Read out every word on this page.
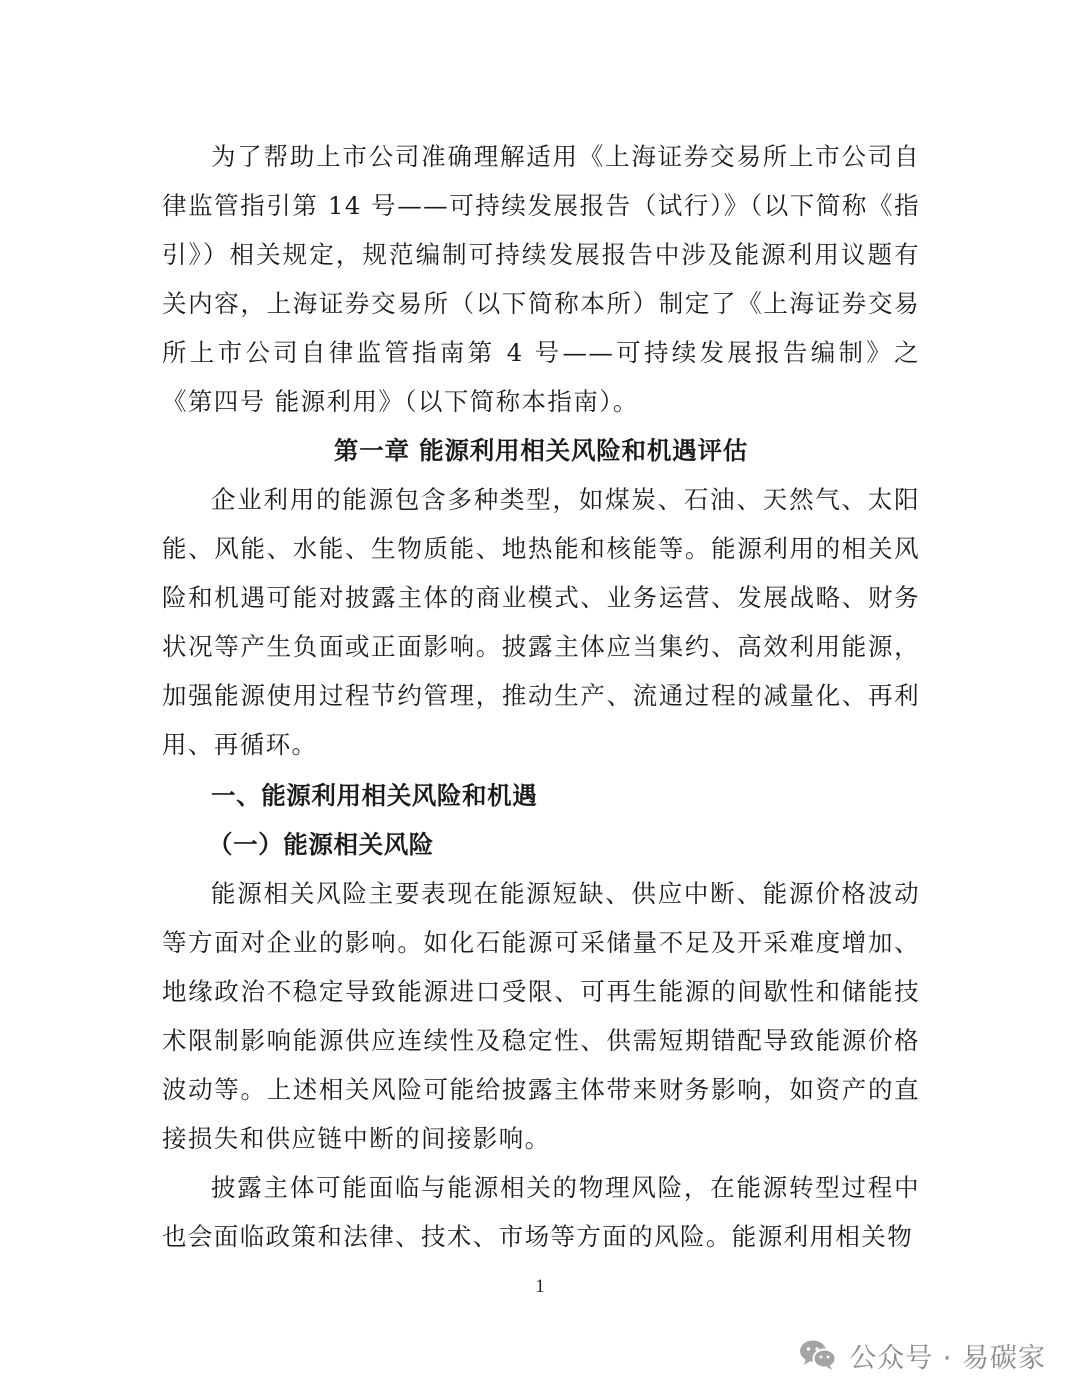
为了帮助上市公司准确理解适用《上海证券交易所上市公司自律监管指引第 14 号——可持续发展报告（试行）》（以下简称《指引》）相关规定，规范编制可持续发展报告中涉及能源利用议题有关内容，上海证券交易所（以下简称本所）制定了《上海证券交易所上市公司自律监管指南第 4 号——可持续发展报告编制》之《第四号 能源利用》（以下简称本指南）。

第一章 能源利用相关风险和机遇评估

企业利用的能源包含多种类型，如煤炭、石油、天然气、太阳能、风能、水能、生物质能、地热能和核能等。能源利用的相关风险和机遇可能对披露主体的商业模式、业务运营、发展战略、财务状况等产生负面或正面影响。披露主体应当集约、高效利用能源，加强能源使用过程节约管理，推动生产、流通过程的减量化、再利用、再循环。

一、能源利用相关风险和机遇

（一）能源相关风险

能源相关风险主要表现在能源短缺、供应中断、能源价格波动等方面对企业的影响。如化石能源可采储量不足及开采难度增加、地缘政治不稳定导致能源进口受限、可再生能源的间歇性和储能技术限制影响能源供应连续性及稳定性、供需短期错配导致能源价格波动等。上述相关风险可能给披露主体带来财务影响，如资产的直接损失和供应链中断的间接影响。

披露主体可能面临与能源相关的物理风险，在能源转型过程中也会面临政策和法律、技术、市场等方面的风险。能源利用相关物

1
公众号 · 易碳家
